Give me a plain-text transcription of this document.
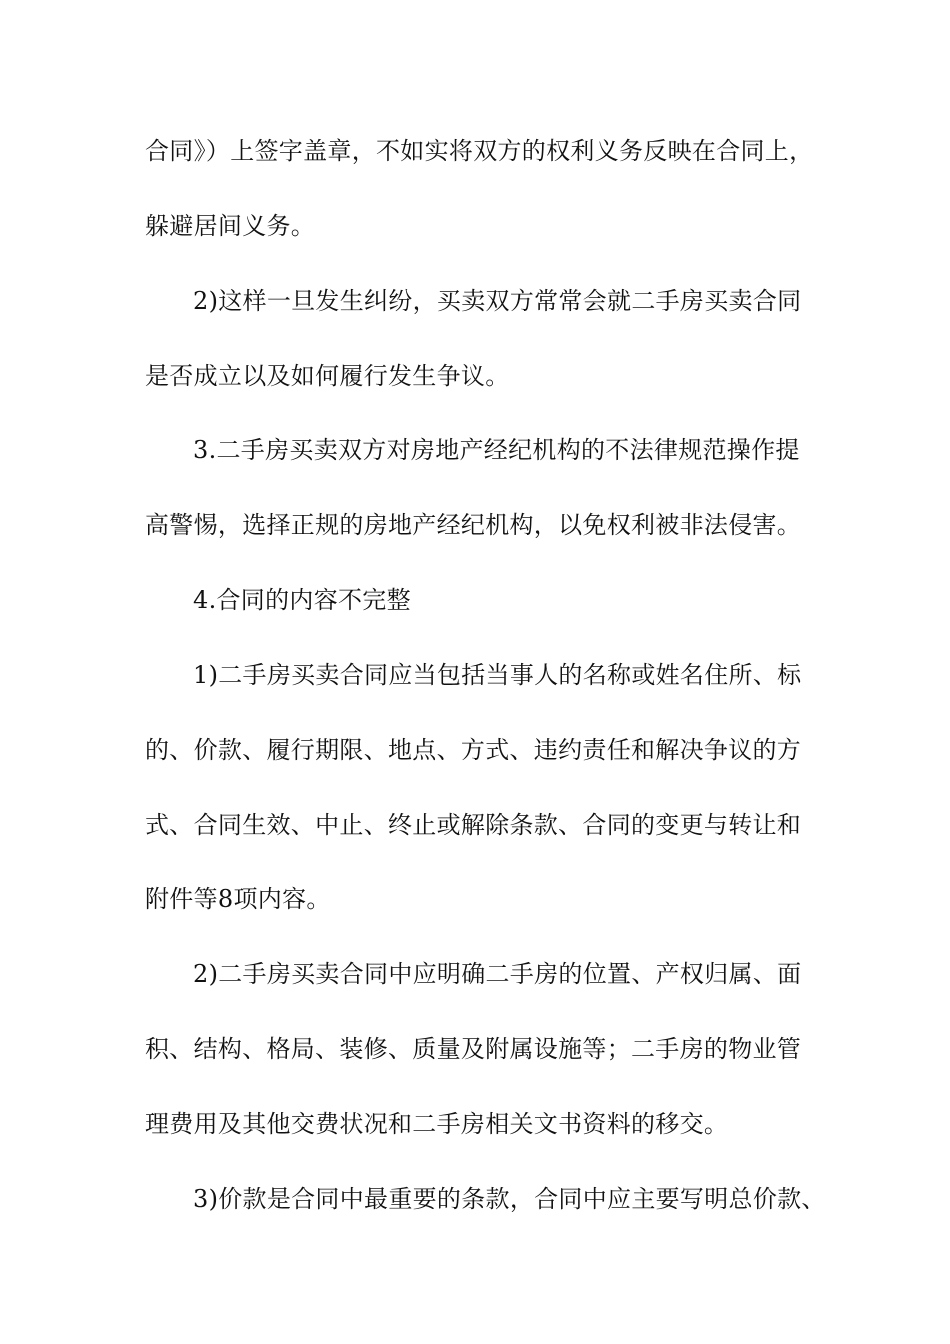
合同》）上签字盖章，不如实将双方的权利义务反映在合同上，
躲避居间义务。
2)这样一旦发生纠纷，买卖双方常常会就二手房买卖合同
是否成立以及如何履行发生争议。
3.二手房买卖双方对房地产经纪机构的不法律规范操作提
高警惕，选择正规的房地产经纪机构，以免权利被非法侵害。
4.合同的内容不完整
1)二手房买卖合同应当包括当事人的名称或姓名住所、标
的、价款、履行期限、地点、方式、违约责任和解决争议的方
式、合同生效、中止、终止或解除条款、合同的变更与转让和
附件等8项内容。
2)二手房买卖合同中应明确二手房的位置、产权归属、面
积、结构、格局、装修、质量及附属设施等；二手房的物业管
理费用及其他交费状况和二手房相关文书资料的移交。
3)价款是合同中最重要的条款，合同中应主要写明总价款、
